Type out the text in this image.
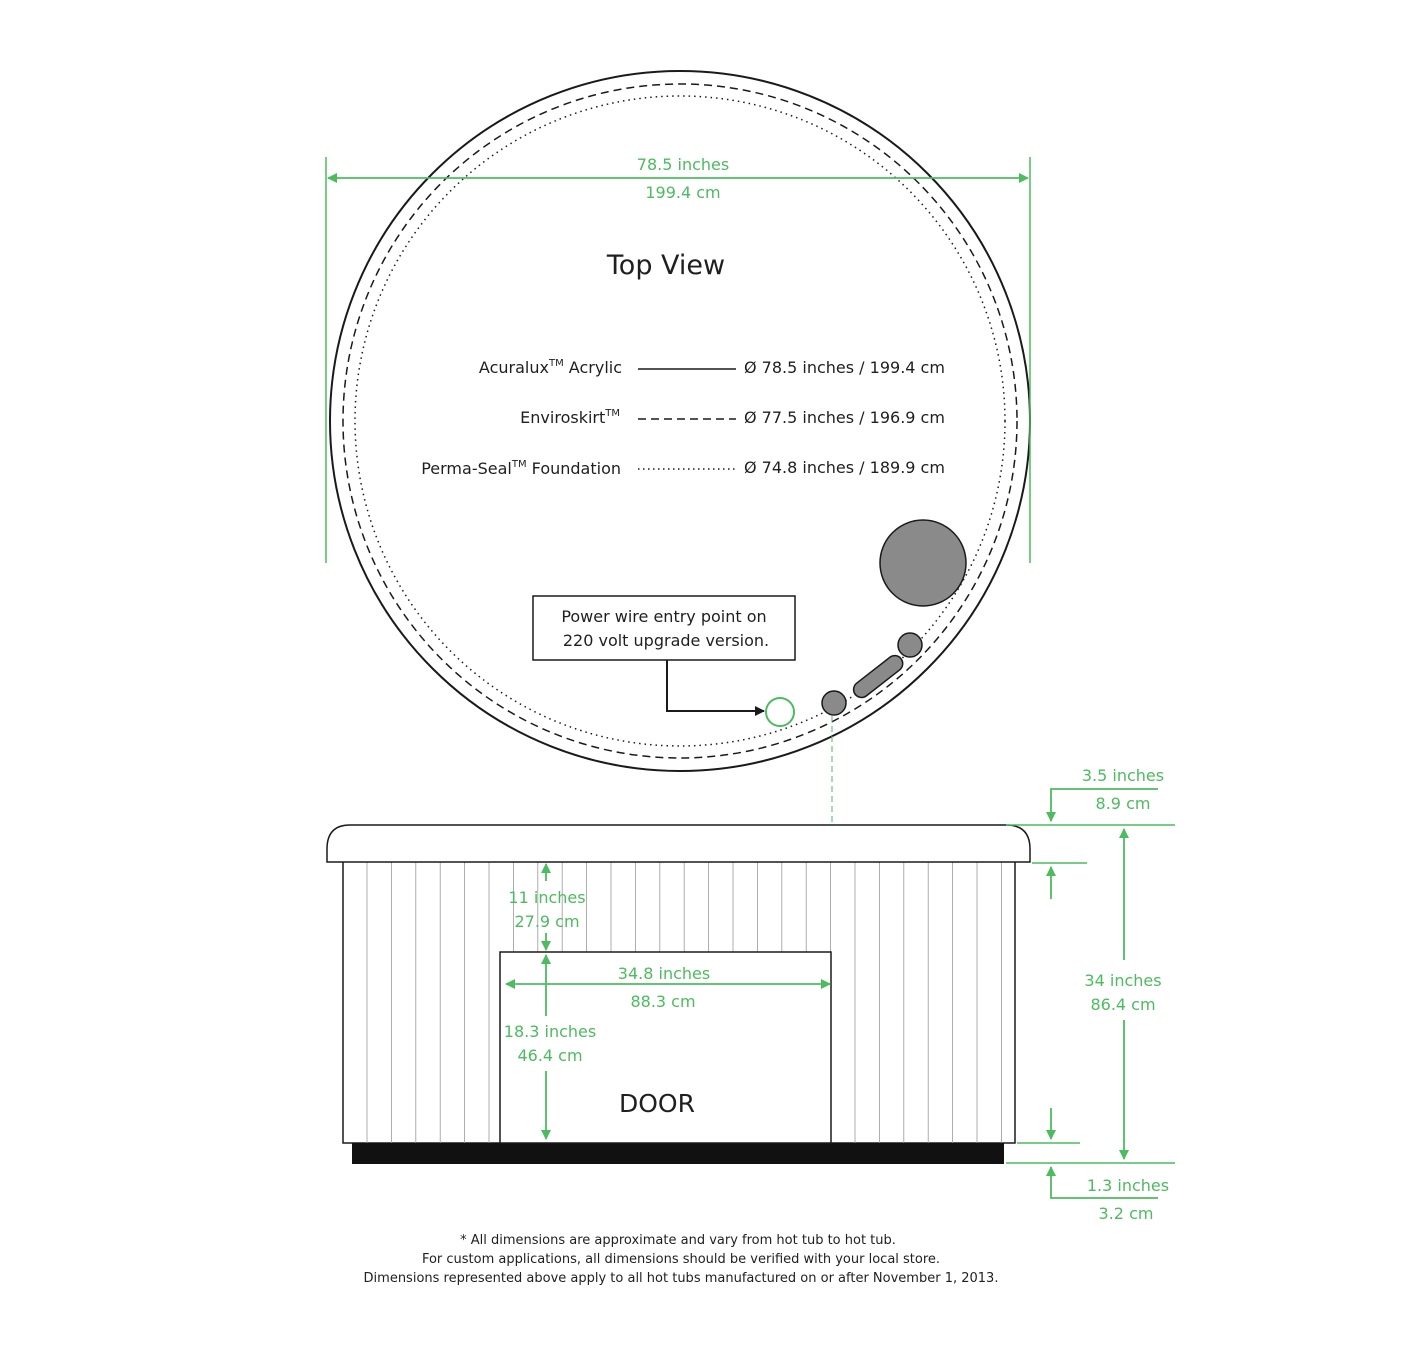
78.5 inches
199.4 cm
Top View
Acuralux™ Acrylic	Ø 78.5 inches / 199.4 cm
Enviroskirt™	Ø 77.5 inches / 196.9 cm
Perma-Seal™ Foundation	Ø 74.8 inches / 189.9 cm
Power wire entry point on
220 volt upgrade version.
DOOR
11 inches
27.9 cm
34.8 inches
88.3 cm
18.3 inches
46.4 cm
3.5 inches
8.9 cm
34 inches
86.4 cm
1.3 inches
3.2 cm
* All dimensions are approximate and vary from hot tub to hot tub.
For custom applications, all dimensions should be verified with your local store.
Dimensions represented above apply to all hot tubs manufactured on or after November 1, 2013.
